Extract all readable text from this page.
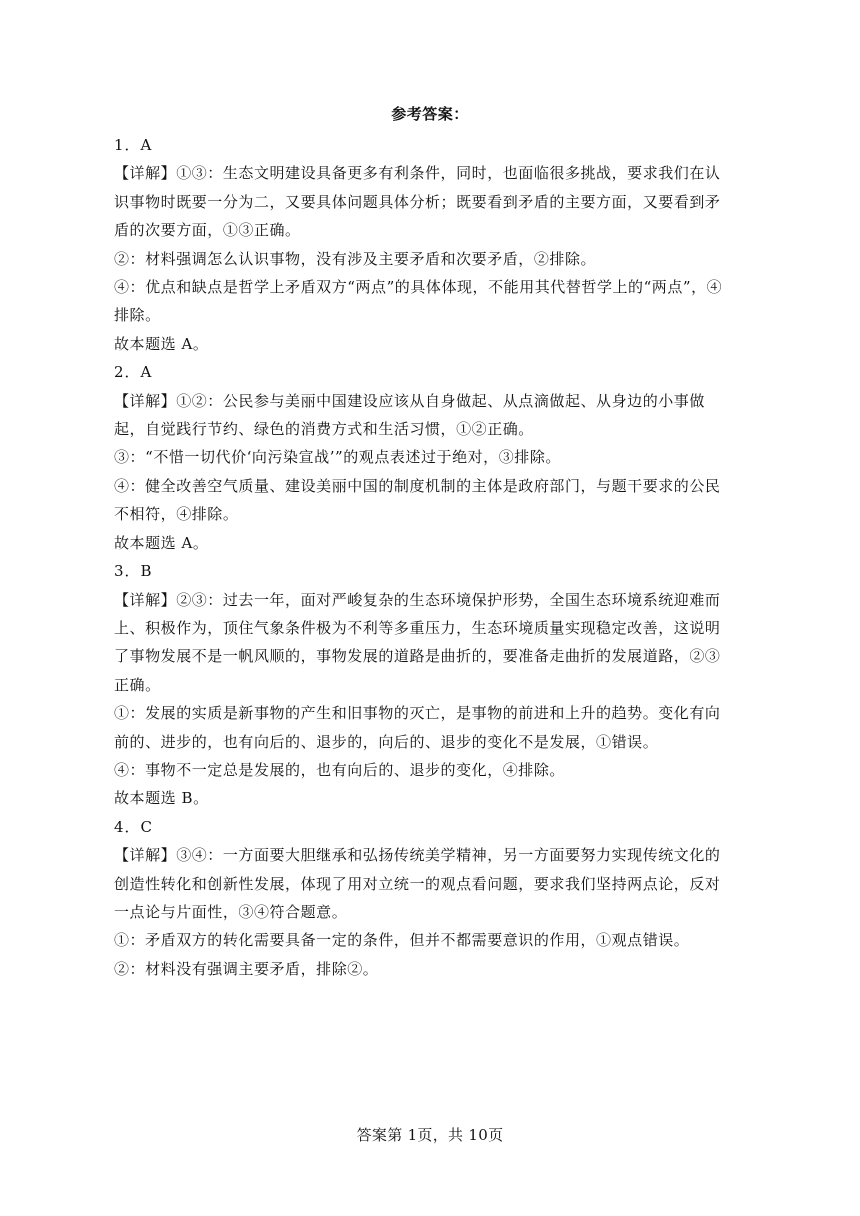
参考答案：

1．A

【详解】①③：生态文明建设具备更多有利条件，同时，也面临很多挑战，要求我们在认识事物时既要一分为二，又要具体问题具体分析；既要看到矛盾的主要方面，又要看到矛盾的次要方面，①③正确。

②：材料强调怎么认识事物，没有涉及主要矛盾和次要矛盾，②排除。

④：优点和缺点是哲学上矛盾双方“两点”的具体体现，不能用其代替哲学上的“两点”，④排除。

故本题选 A。

2．A

【详解】①②：公民参与美丽中国建设应该从自身做起、从点滴做起、从身边的小事做起，自觉践行节约、绿色的消费方式和生活习惯，①②正确。

③：“不惜一切代价‘向污染宣战’”的观点表述过于绝对，③排除。

④：健全改善空气质量、建设美丽中国的制度机制的主体是政府部门，与题干要求的公民不相符，④排除。

故本题选 A。

3．B

【详解】②③：过去一年，面对严峻复杂的生态环境保护形势，全国生态环境系统迎难而上、积极作为，顶住气象条件极为不利等多重压力，生态环境质量实现稳定改善，这说明了事物发展不是一帆风顺的，事物发展的道路是曲折的，要准备走曲折的发展道路，②③正确。

①：发展的实质是新事物的产生和旧事物的灭亡，是事物的前进和上升的趋势。变化有向前的、进步的，也有向后的、退步的，向后的、退步的变化不是发展，①错误。

④：事物不一定总是发展的，也有向后的、退步的变化，④排除。

故本题选 B。

4．C

【详解】③④：一方面要大胆继承和弘扬传统美学精神，另一方面要努力实现传统文化的创造性转化和创新性发展，体现了用对立统一的观点看问题，要求我们坚持两点论，反对一点论与片面性，③④符合题意。

①：矛盾双方的转化需要具备一定的条件，但并不都需要意识的作用，①观点错误。

②：材料没有强调主要矛盾，排除②。

答案第 1页，共 10页
